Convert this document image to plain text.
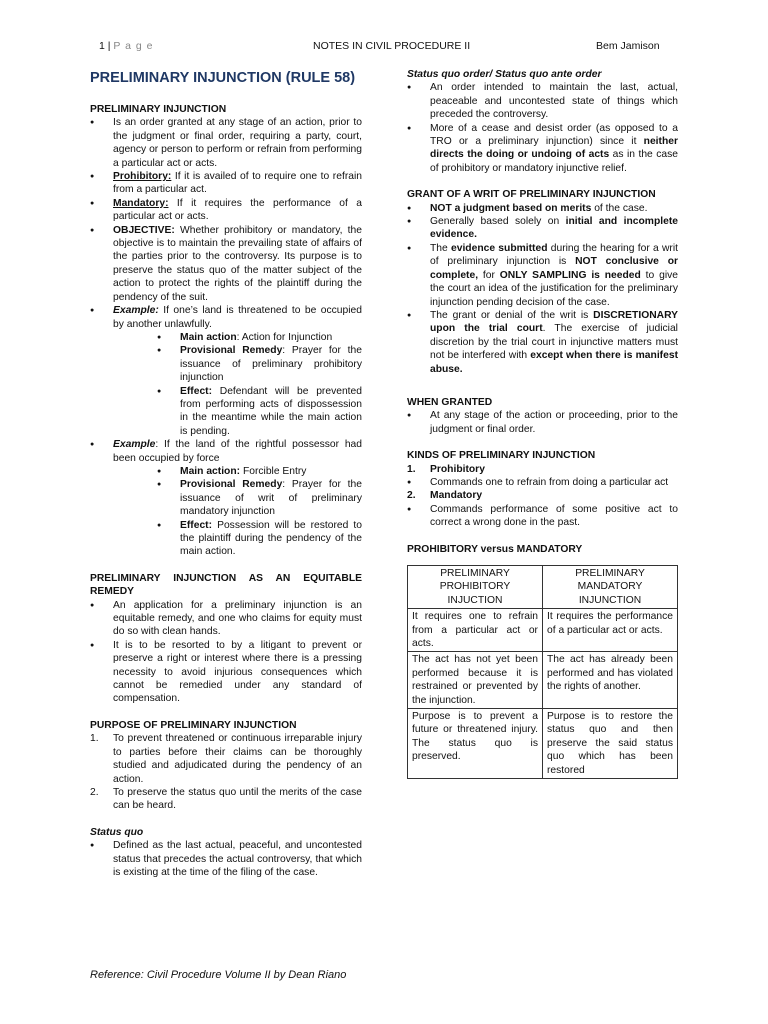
1 | P a g e	NOTES IN CIVIL PROCEDURE II	Bem Jamison
PRELIMINARY INJUNCTION (RULE 58)
PRELIMINARY INJUNCTION
● Is an order granted at any stage of an action, prior to the judgment or final order, requiring a party, court, agency or person to perform or refrain from performing a particular act or acts.
● Prohibitory: If it is availed of to require one to refrain from a particular act.
● Mandatory: If it requires the performance of a particular act or acts.
● OBJECTIVE: Whether prohibitory or mandatory, the objective is to maintain the prevailing state of affairs of the parties prior to the controversy. Its purpose is to preserve the status quo of the matter subject of the action to protect the rights of the plaintiff during the pendency of the suit.
● Example: If one’s land is threatened to be occupied by another unlawfully.
● Main action: Action for Injunction
● Provisional Remedy: Prayer for the issuance of preliminary prohibitory injunction
● Effect: Defendant will be prevented from performing acts of dispossession in the meantime while the main action is pending.
● Example: If the land of the rightful possessor had been occupied by force
● Main action: Forcible Entry
● Provisional Remedy: Prayer for the issuance of writ of preliminary mandatory injunction
● Effect: Possession will be restored to the plaintiff during the pendency of the main action.
PRELIMINARY INJUNCTION AS AN EQUITABLE REMEDY
● An application for a preliminary injunction is an equitable remedy, and one who claims for equity must do so with clean hands.
● It is to be resorted to by a litigant to prevent or preserve a right or interest where there is a pressing necessity to avoid injurious consequences which cannot be remedied under any standard of compensation.
PURPOSE OF PRELIMINARY INJUNCTION
1. To prevent threatened or continuous irreparable injury to parties before their claims can be thoroughly studied and adjudicated during the pendency of an action.
2. To preserve the status quo until the merits of the case can be heard.
Status quo
● Defined as the last actual, peaceful, and uncontested status that precedes the actual controversy, that which is existing at the time of the filing of the case.
Status quo order/ Status quo ante order
● An order intended to maintain the last, actual, peaceable and uncontested state of things which preceded the controversy.
● More of a cease and desist order (as opposed to a TRO or a preliminary injunction) since it neither directs the doing or undoing of acts as in the case of prohibitory or mandatory injunctive relief.
GRANT OF A WRIT OF PRELIMINARY INJUNCTION
● NOT a judgment based on merits of the case.
● Generally based solely on initial and incomplete evidence.
● The evidence submitted during the hearing for a writ of preliminary injunction is NOT conclusive or complete, for ONLY SAMPLING is needed to give the court an idea of the justification for the preliminary injunction pending decision of the case.
● The grant or denial of the writ is DISCRETIONARY upon the trial court. The exercise of judicial discretion by the trial court in injunctive matters must not be interfered with except when there is manifest abuse.
WHEN GRANTED
● At any stage of the action or proceeding, prior to the judgment or final order.
KINDS OF PRELIMINARY INJUNCTION
1. Prohibitory
● Commands one to refrain from doing a particular act
2. Mandatory
● Commands performance of some positive act to correct a wrong done in the past.
PROHIBITORY versus MANDATORY
PRELIMINARY PROHIBITORY INJUCTION	PRELIMINARY MANDATORY INJUNCTION
It requires one to refrain from a particular act or acts.	It requires the performance of a particular act or acts.
The act has not yet been performed because it is restrained or prevented by the injunction.	The act has already been performed and has violated the rights of another.
Purpose is to prevent a future or threatened injury. The status quo is preserved.	Purpose is to restore the status quo and then preserve the said status quo which has been restored
Reference: Civil Procedure Volume II by Dean Riano
